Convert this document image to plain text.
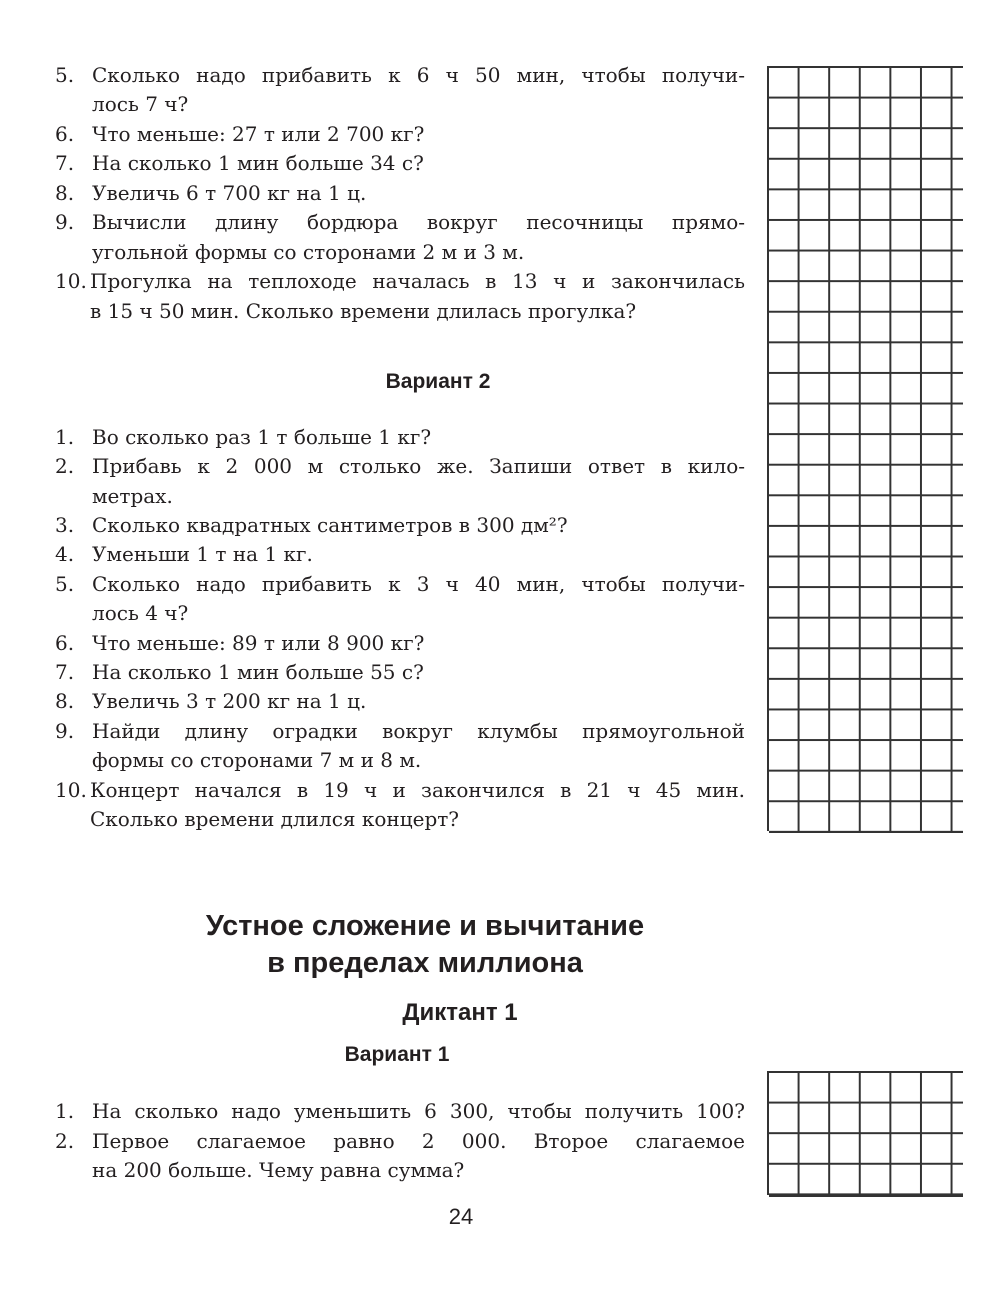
5. Сколько надо прибавить к 6 ч 50 мин, чтобы получи-
лось 7 ч?
6. Что меньше: 27 т или 2 700 кг?
7. На сколько 1 мин больше 34 с?
8. Увеличь 6 т 700 кг на 1 ц.
9. Вычисли длину бордюра вокруг песочницы прямо-
угольной формы со сторонами 2 м и 3 м.
10. Прогулка на теплоходе началась в 13 ч и закончилась
в 15 ч 50 мин. Сколько времени длилась прогулка?
Вариант 2
1. Во сколько раз 1 т больше 1 кг?
2. Прибавь к 2 000 м столько же. Запиши ответ в кило-
метрах.
3. Сколько квадратных сантиметров в 300 дм²?
4. Уменьши 1 т на 1 кг.
5. Сколько надо прибавить к 3 ч 40 мин, чтобы получи-
лось 4 ч?
6. Что меньше: 89 т или 8 900 кг?
7. На сколько 1 мин больше 55 с?
8. Увеличь 3 т 200 кг на 1 ц.
9. Найди длину оградки вокруг клумбы прямоугольной
формы со сторонами 7 м и 8 м.
10. Концерт начался в 19 ч и закончился в 21 ч 45 мин.
Сколько времени длился концерт?
Устное сложение и вычитание
в пределах миллиона
Диктант 1
Вариант 1
1. На сколько надо уменьшить 6 300, чтобы получить 100?
2. Первое слагаемое равно 2 000. Второе слагаемое
на 200 больше. Чему равна сумма?
24
